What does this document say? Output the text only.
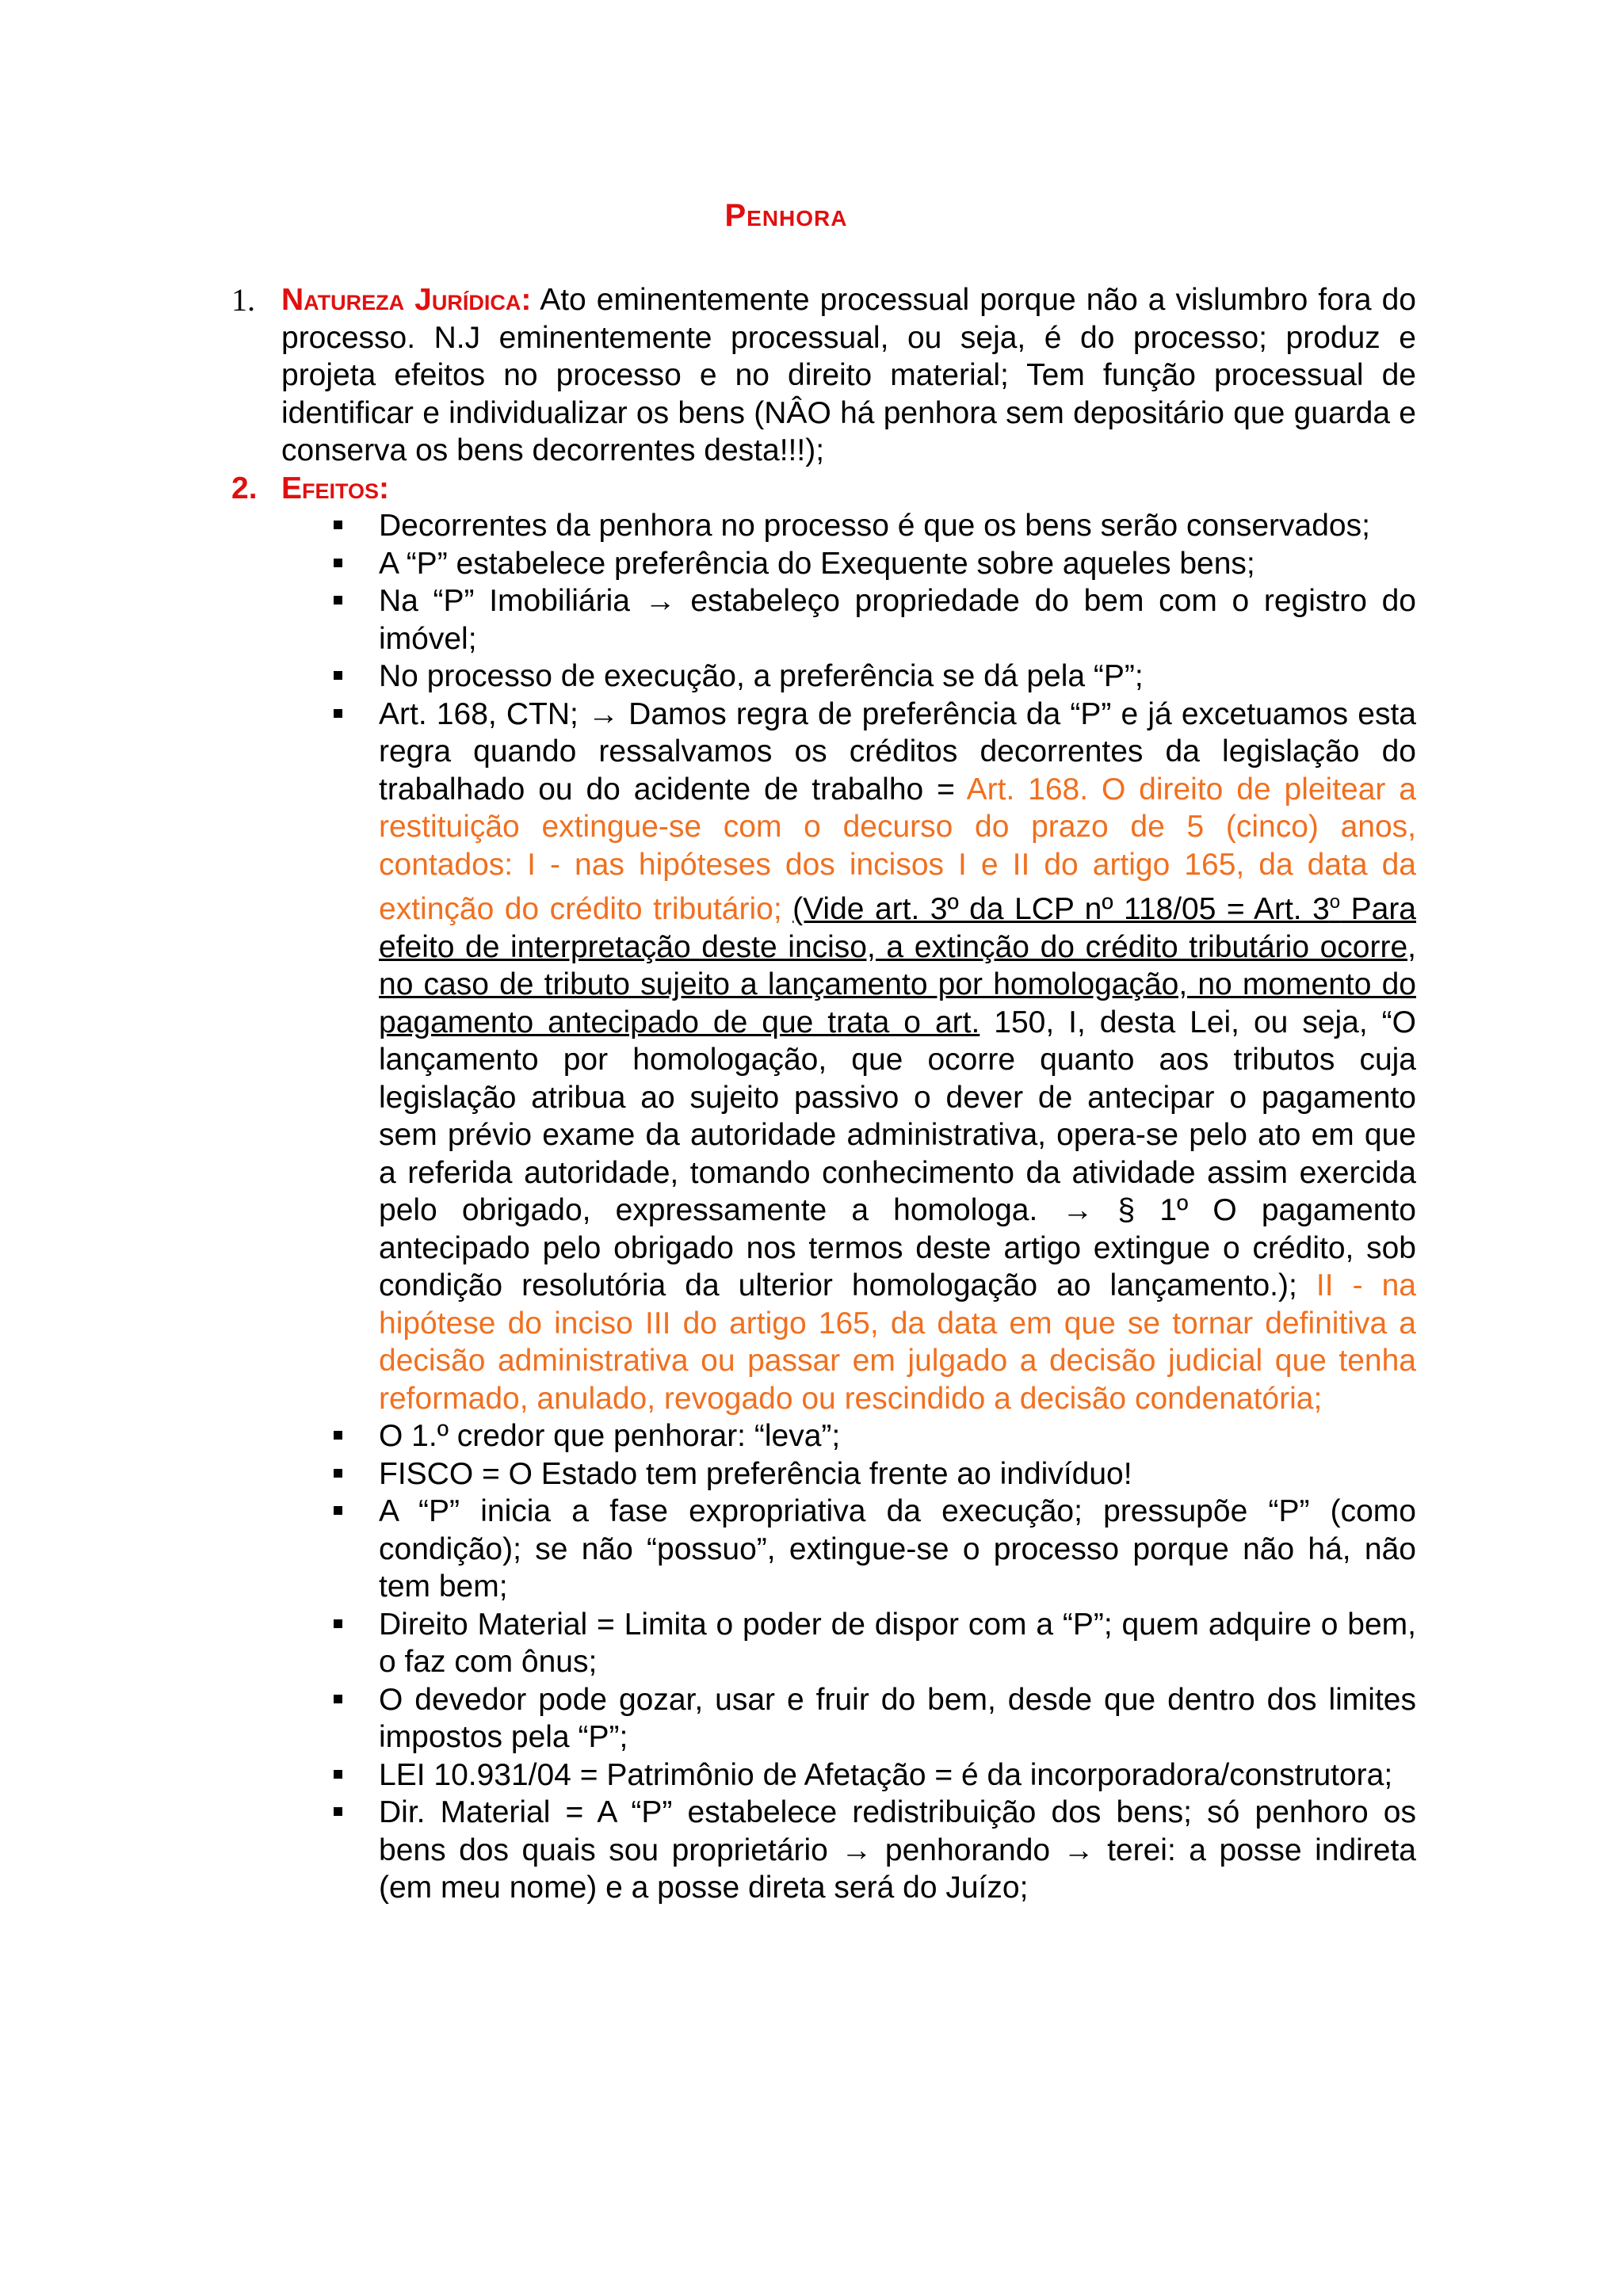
Penhora
1. Natureza Jurídica: Ato eminentemente processual porque não a vislumbro fora do processo. N.J eminentemente processual, ou seja, é do processo; produz e projeta efeitos no processo e no direito material; Tem função processual de identificar e individualizar os bens (NÂO há penhora sem depositário que guarda e conserva os bens decorrentes desta!!!);
2. Efeitos:
Decorrentes da penhora no processo é que os bens serão conservados;
A “P” estabelece preferência do Exequente sobre aqueles bens;
Na “P” Imobiliária → estabeleço propriedade do bem com o registro do imóvel;
No processo de execução, a preferência se dá pela “P”;
Art. 168, CTN; → Damos regra de preferência da “P” e já excetuamos esta regra quando ressalvamos os créditos decorrentes da legislação do trabalhado ou do acidente de trabalho = Art. 168. O direito de pleitear a restituição extingue-se com o decurso do prazo de 5 (cinco) anos, contados: I - nas hipóteses dos incisos I e II do artigo 165, da data da extinção do crédito tributário; (Vide art. 3º da LCP nº 118/05 = Art. 3$^o$ Para efeito de interpretação deste inciso, a extinção do crédito tributário ocorre, no caso de tributo sujeito a lançamento por homologação, no momento do pagamento antecipado de que trata o art. 150, I, desta Lei, ou seja, “O lançamento por homologação, que ocorre quanto aos tributos cuja legislação atribua ao sujeito passivo o dever de antecipar o pagamento sem prévio exame da autoridade administrativa, opera-se pelo ato em que a referida autoridade, tomando conhecimento da atividade assim exercida pelo obrigado, expressamente a homologa. → § 1º O pagamento antecipado pelo obrigado nos termos deste artigo extingue o crédito, sob condição resolutória da ulterior homologação ao lançamento.); II - na hipótese do inciso III do artigo 165, da data em que se tornar definitiva a decisão administrativa ou passar em julgado a decisão judicial que tenha reformado, anulado, revogado ou rescindido a decisão condenatória;
O 1.º credor que penhorar: “leva”;
FISCO = O Estado tem preferência frente ao indivíduo!
A “P” inicia a fase expropriativa da execução; pressupõe “P” (como condição); se não “possuo”, extingue-se o processo porque não há, não tem bem;
Direito Material = Limita o poder de dispor com a “P”; quem adquire o bem, o faz com ônus;
O devedor pode gozar, usar e fruir do bem, desde que dentro dos limites impostos pela “P”;
LEI 10.931/04 = Patrimônio de Afetação = é da incorporadora/construtora;
Dir. Material = A “P” estabelece redistribuição dos bens; só penhoro os bens dos quais sou proprietário → penhorando → terei: a posse indireta (em meu nome) e a posse direta será do Juízo;
